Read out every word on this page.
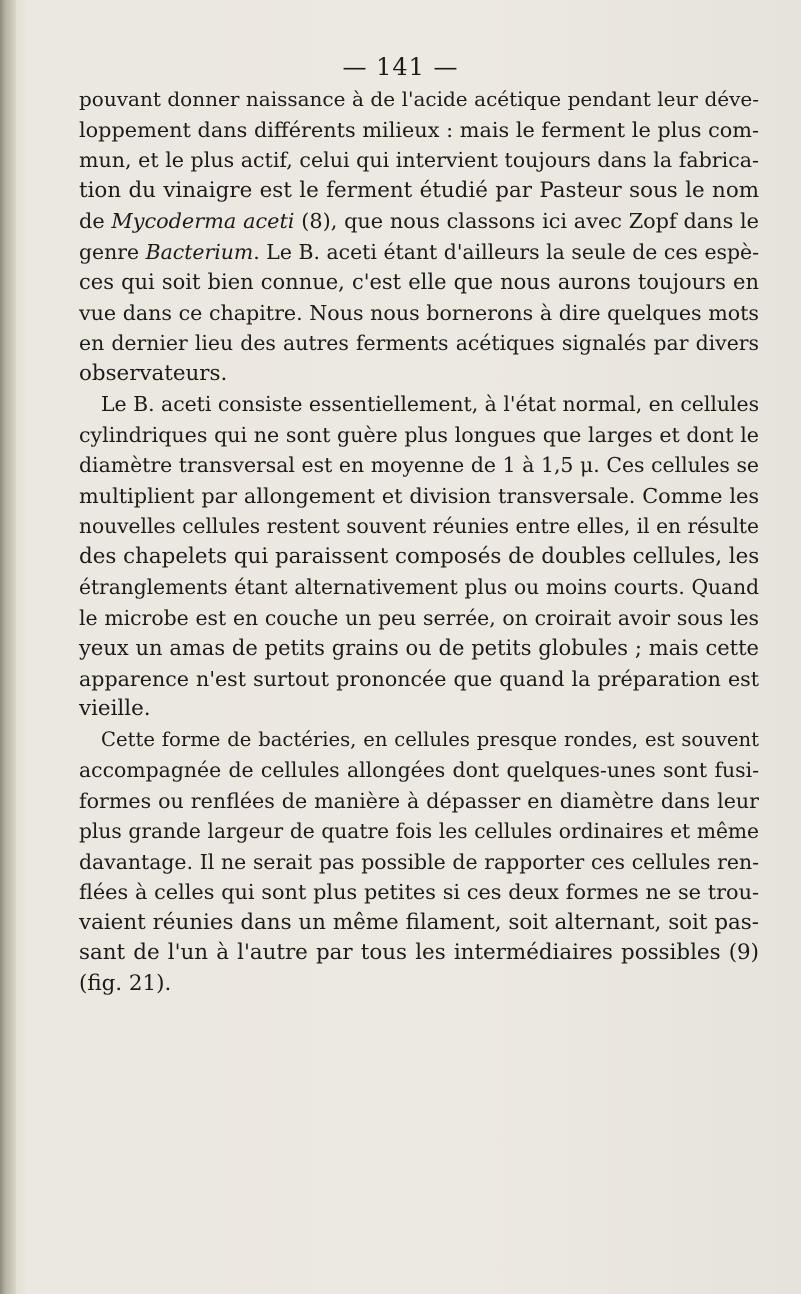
— 141 —
pouvant donner naissance à de l'acide acétique pendant leur déve-
loppement dans différents milieux : mais le ferment le plus com-
mun, et le plus actif, celui qui intervient toujours dans la fabrica-
tion du vinaigre est le ferment étudié par Pasteur sous le nom
de Mycoderma aceti (8), que nous classons ici avec Zopf dans le
genre Bacterium. Le B. aceti étant d'ailleurs la seule de ces espè-
ces qui soit bien connue, c'est elle que nous aurons toujours en
vue dans ce chapitre. Nous nous bornerons à dire quelques mots
en dernier lieu des autres ferments acétiques signalés par divers
observateurs.
Le B. aceti consiste essentiellement, à l'état normal, en cellules
cylindriques qui ne sont guère plus longues que larges et dont le
diamètre transversal est en moyenne de 1 à 1,5 μ. Ces cellules se
multiplient par allongement et division transversale. Comme les
nouvelles cellules restent souvent réunies entre elles, il en résulte
des chapelets qui paraissent composés de doubles cellules, les
étranglements étant alternativement plus ou moins courts. Quand
le microbe est en couche un peu serrée, on croirait avoir sous les
yeux un amas de petits grains ou de petits globules ; mais cette
apparence n'est surtout prononcée que quand la préparation est
vieille.
Cette forme de bactéries, en cellules presque rondes, est souvent
accompagnée de cellules allongées dont quelques-unes sont fusi-
formes ou renflées de manière à dépasser en diamètre dans leur
plus grande largeur de quatre fois les cellules ordinaires et même
davantage. Il ne serait pas possible de rapporter ces cellules ren-
flées à celles qui sont plus petites si ces deux formes ne se trou-
vaient réunies dans un même filament, soit alternant, soit pas-
sant de l'un à l'autre par tous les intermédiaires possibles (9)
(fig. 21).
